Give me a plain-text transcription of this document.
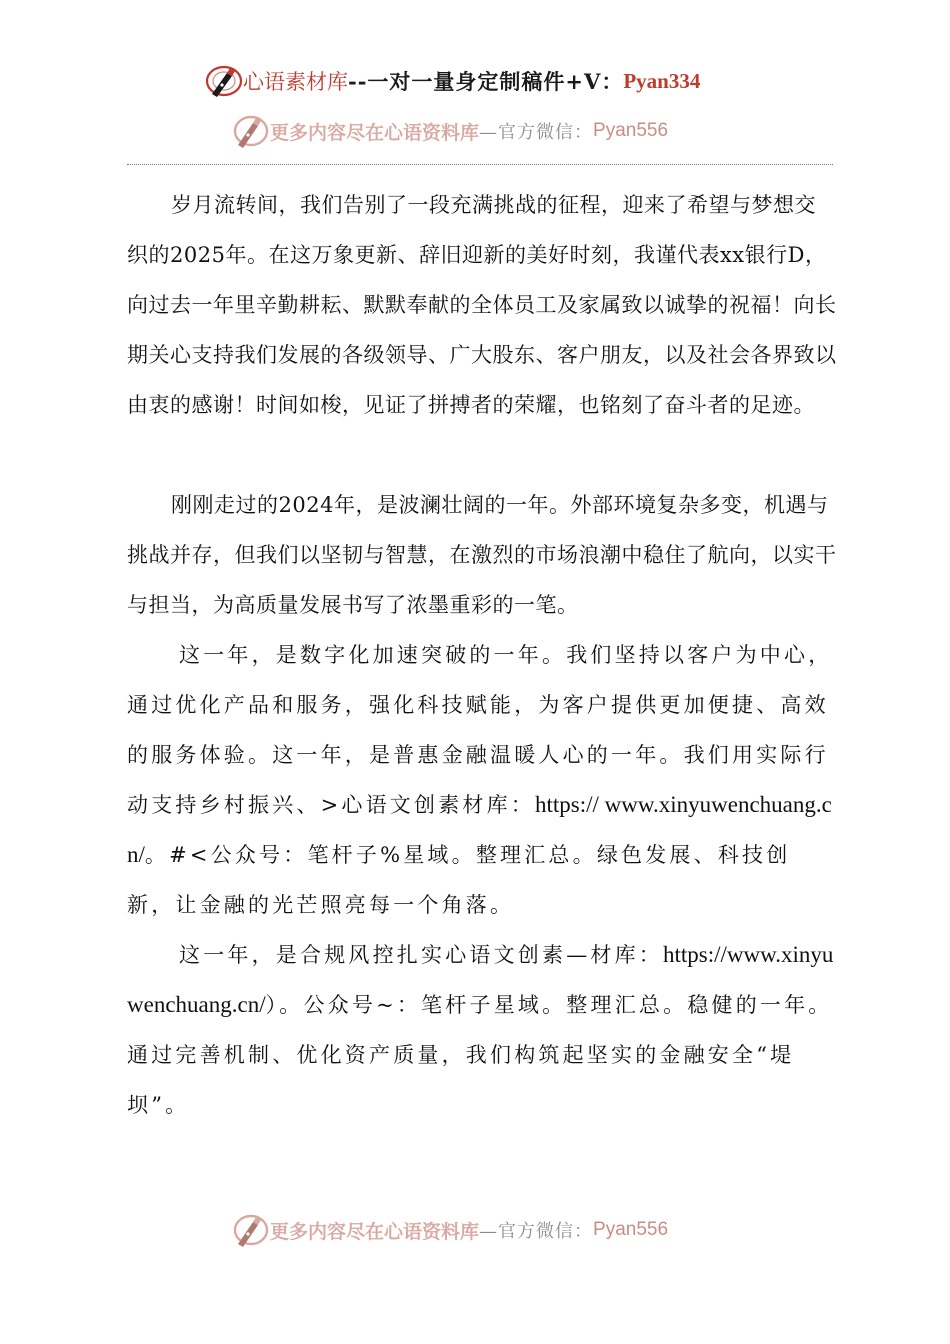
心语素材库 --一对一量身定制稿件+V： Pyan334
更多内容尽在心语资料库 —官方微信： Pyan556

岁月流转间，我们告别了一段充满挑战的征程，迎来了希望与梦想交织的2025年。在这万象更新、辞旧迎新的美好时刻，我谨代表xx银行D，向过去一年里辛勤耕耘、默默奉献的全体员工及家属致以诚挚的祝福！向长期关心支持我们发展的各级领导、广大股东、客户朋友，以及社会各界致以由衷的感谢！时间如梭，见证了拼搏者的荣耀，也铭刻了奋斗者的足迹。

刚刚走过的2024年，是波澜壮阔的一年。外部环境复杂多变，机遇与挑战并存，但我们以坚韧与智慧，在激烈的市场浪潮中稳住了航向，以实干与担当，为高质量发展书写了浓墨重彩的一笔。

这一年，是数字化加速突破的一年。我们坚持以客户为中心，通过优化产品和服务，强化科技赋能，为客户提供更加便捷、高效的服务体验。这一年，是普惠金融温暖人心的一年。我们用实际行动支持乡村振兴、>心语文创素材库：https:// www.xinyuwenchuang.cn/。#<公众号：笔杆子%星域。整理汇总。绿色发展、科技创新，让金融的光芒照亮每一个角落。

这一年，是合规风控扎实心语文创素—材库：https://www.xinyuwenchuang.cn/）。公众号~：笔杆子星域。整理汇总。稳健的一年。通过完善机制、优化资产质量，我们构筑起坚实的金融安全“堤坝”。

更多内容尽在心语资料库 —官方微信： Pyan556
